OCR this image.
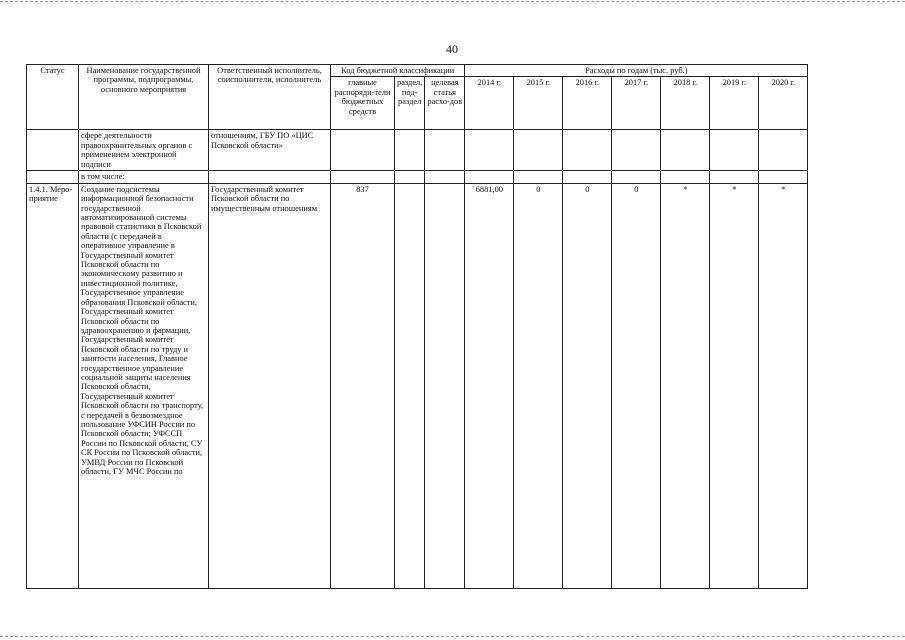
40
Статус	Наименование государственной программы, подпрограммы, основного мероприятия	Ответственный исполнитель, соисполнители, исполнитель	Код бюджетной классификации			Расходы по годам (тыс. руб.)						
			главные распоряди-тели бюджетных средств	раздел, под-раздел	целевая статья расхо-дов	2014 г.	2015 г.	2016 г.	2017 г.	2018 г.	2019 г.	2020 г.
	сфере деятельности правоохранительных органов с применением электронной подписи	отношениям, ГБУ ПО «ЦИС Псковской области»										
	в том числе:											
1.4.1. Меро-приятие	Создание подсистемы информационной безопасности государственной автоматизированной системы правовой статистики в Псковской области (с передачей в оперативное управление в Государственный комитет Псковской области по экономическому развитию и инвестиционной политике, Государственное управление образования Псковской области, Государственный комитет Псковской области по здравоохранению и фармации, Государственный комитет Псковской области по труду и занятости населения, Главное государственное управление социальной защиты населения Псковской области, Государственный комитет Псковской области по транспорту, с передачей в безвозмездное пользование УФСИН России по Псковской области; УФССП России по Псковской области, СУ СК России по Псковской области, УМВД России по Псковской области, ГУ МЧС России по	Государственный комитет Псковской области по имущественным отношениям	837			6881,00	0	0	0	*	*	*
